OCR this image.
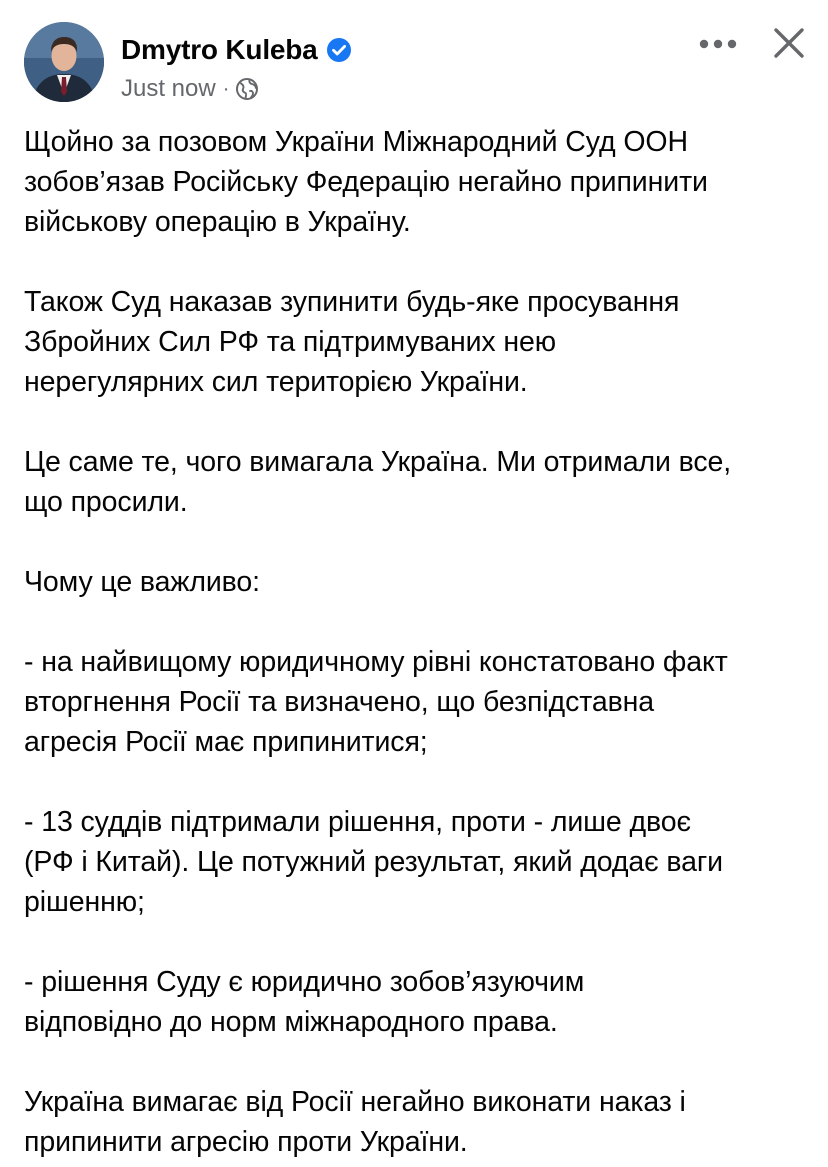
Dmytro Kuleba
Just now ·

Щойно за позовом України Міжнародний Суд ООН
зобов’язав Російську Федерацію негайно припинити
військову операцію в Україну.

Також Суд наказав зупинити будь-яке просування
Збройних Сил РФ та підтримуваних нею
нерегулярних сил територією України.

Це саме те, чого вимагала Україна. Ми отримали все,
що просили.

Чому це важливо:

- на найвищому юридичному рівні констатовано факт
вторгнення Росії та визначено, що безпідставна
агресія Росії має припинитися;

- 13 суддів підтримали рішення, проти - лише двоє
(РФ і Китай). Це потужний результат, який додає ваги
рішенню;

- рішення Суду є юридично зобов’язуючим
відповідно до норм міжнародного права.

Україна вимагає від Росії негайно виконати наказ і
припинити агресію проти України.
